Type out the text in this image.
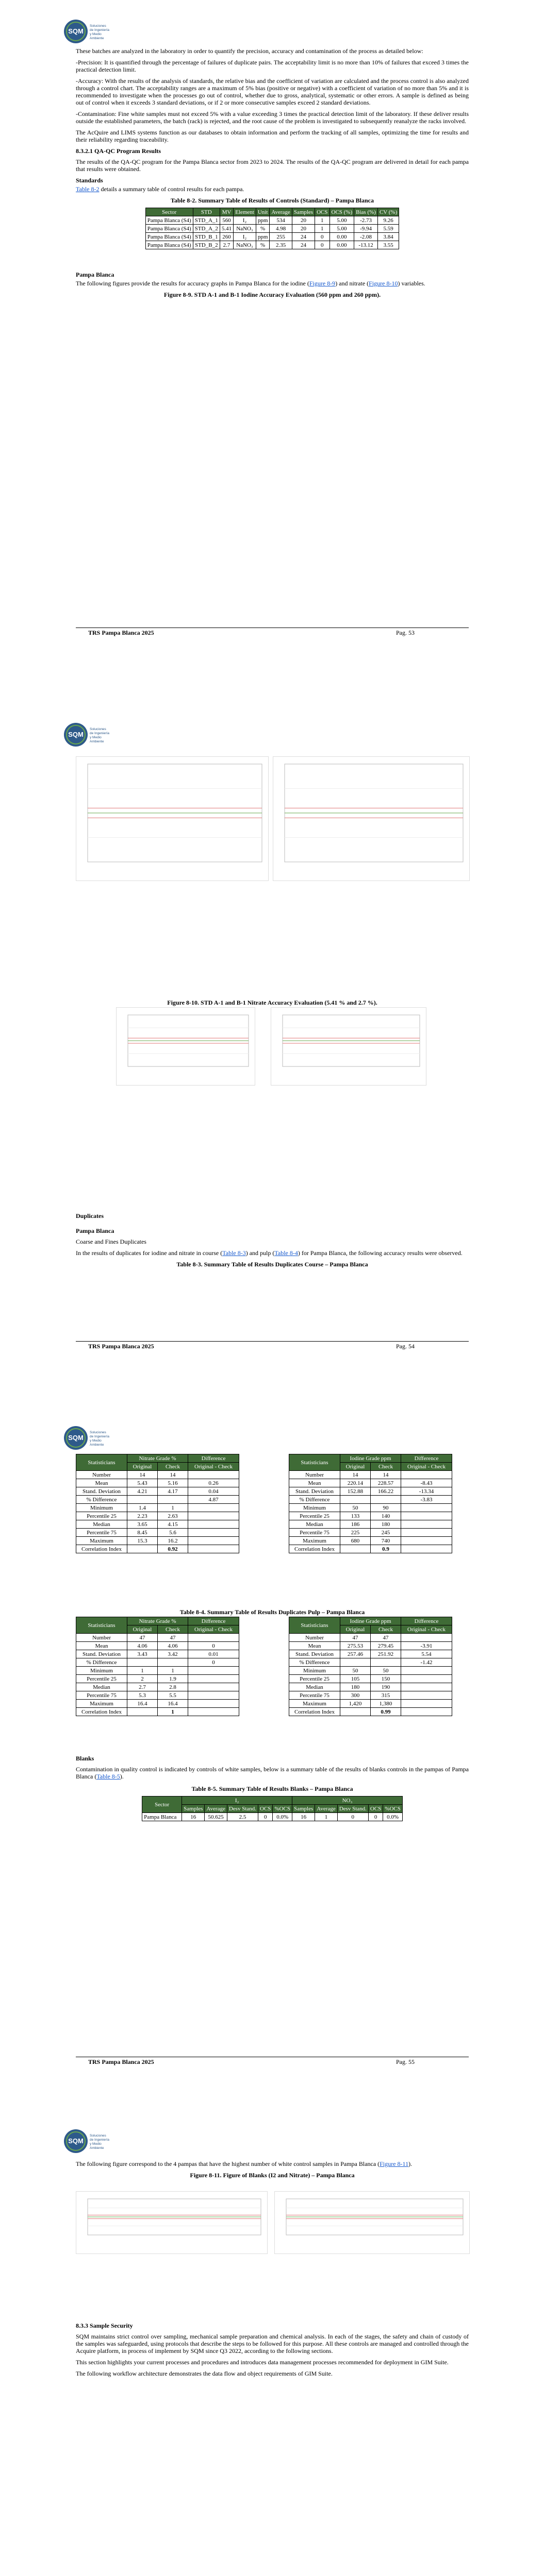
SQM
Soluciones de Ingeniería y Medio Ambiente

These batches are analyzed in the laboratory in order to quantify the precision, accuracy and contamination of the process as detailed below:

-Precision: It is quantified through the percentage of failures of duplicate pairs. The acceptability limit is no more than 10% of failures that exceed 3 times the practical detection limit.

-Accuracy: With the results of the analysis of standards, the relative bias and the coefficient of variation are calculated and the process control is also analyzed through a control chart. The acceptability ranges are a maximum of 5% bias (positive or negative) with a coefficient of variation of no more than 5% and it is recommended to investigate when the processes go out of control, whether due to gross, analytical, systematic or other errors. A sample is defined as being out of control when it exceeds 3 standard deviations, or if 2 or more consecutive samples exceed 2 standard deviations.

-Contamination: Fine white samples must not exceed 5% with a value exceeding 3 times the practical detection limit of the laboratory. If these deliver results outside the established parameters, the batch (rack) is rejected, and the root cause of the problem is investigated to subsequently reanalyze the racks involved.

The AcQuire and LIMS systems function as our databases to obtain information and perform the tracking of all samples, optimizing the time for results and their reliability regarding traceability.

8.3.2.1 QA-QC Program Results

The results of the QA-QC program for the Pampa Blanca sector from 2023 to 2024. The results of the QA-QC program are delivered in detail for each pampa that results were obtained.

Standards

Table 8-2 details a summary table of control results for each pampa.

Table 8-2. Summary Table of Results of Controls (Standard) – Pampa Blanca
Sector	STD	MV	Element	Unit	Average	Samples	OCS	OCS (%)	Bias (%)	CV (%)
Pampa Blanca (S4)	STD_A_1	560	I₂	ppm	534	20	1	5.00	-2.73	9.26
Pampa Blanca (S4)	STD_A_2	5.41	NaNO₃	%	4.98	20	1	5.00	-9.94	5.59
Pampa Blanca (S4)	STD_B_1	260	I₂	ppm	255	24	0	0.00	-2.08	3.84
Pampa Blanca (S4)	STD_B_2	2.7	NaNO₃	%	2.35	24	0	0.00	-13.12	3.55
Pampa Blanca

The following figures provide the results for accuracy graphs in Pampa Blanca for the iodine (Figure 8-9) and nitrate (Figure 8-10) variables.

Figure 8-9. STD A-1 and B-1 Iodine Accuracy Evaluation (560 ppm and 260 ppm).
TRS Pampa Blanca 2025	Pag. 53
SQM
Soluciones de Ingeniería y Medio Ambiente
Figure 8-10. STD A-1 and B-1 Nitrate Accuracy Evaluation (5.41 % and 2.7 %).
Duplicates
Pampa Blanca

Coarse and Fines Duplicates

In the results of duplicates for iodine and nitrate in course (Table 8-3) and pulp (Table 8-4) for Pampa Blanca, the following accuracy results were observed.

Table 8-3. Summary Table of Results Duplicates Course – Pampa Blanca
TRS Pampa Blanca 2025	Pag. 54
SQM
Soluciones de Ingeniería y Medio Ambiente
Statisticians	Nitrate Grade %		Difference
	Original	Check	Original - Check
Number	14	14	
Mean	5.43	5.16	0.26
Stand. Deviation	4.21	4.17	0.04
% Difference			4.87
Minimum	1.4	1	
Percentile 25	2.23	2.63	
Median	3.65	4.15	
Percentile 75	8.45	5.6	
Maximum	15.3	16.2	
Correlation Index		0.92	
Statisticians	Iodine Grade ppm		Difference
	Original	Check	Original - Check
Number	14	14	
Mean	220.14	228.57	-8.43
Stand. Deviation	152.88	166.22	-13.34
% Difference			-3.83
Minimum	50	90	
Percentile 25	133	140	
Median	186	180	
Percentile 75	225	245	
Maximum	680	740	
Correlation Index		0.9	
Table 8-4. Summary Table of Results Duplicates Pulp – Pampa Blanca
Statisticians	Nitrate Grade %		Difference
	Original	Check	Original - Check
Number	47	47	
Mean	4.06	4.06	0
Stand. Deviation	3.43	3.42	0.01
% Difference			0
Minimum	1	1	
Percentile 25	2	1.9	
Median	2.7	2.8	
Percentile 75	5.3	5.5	
Maximum	16.4	16.4	
Correlation Index		1	
Statisticians	Iodine Grade ppm		Difference
	Original	Check	Original - Check
Number	47	47	
Mean	275.53	279.45	-3.91
Stand. Deviation	257.46	251.92	5.54
% Difference			-1.42
Minimum	50	50	
Percentile 25	105	150	
Median	180	190	
Percentile 75	300	315	
Maximum	1,420	1,380	
Correlation Index		0.99	
Blanks

Contamination in quality control is indicated by controls of white samples, below is a summary table of the results of blanks controls in the pampas of Pampa Blanca (Table 8-5).

Table 8-5. Summary Table of Results Blanks – Pampa Blanca
Sector	I₂					NO₃				
	Samples	Average	Desv Stand.	OCS	%OCS	Samples	Average	Desv Stand.	OCS	%OCS
Pampa Blanca	16	50.625	2.5	0	0.0%	16	1	0	0	0.0%
TRS Pampa Blanca 2025	Pag. 55
SQM
Soluciones de Ingeniería y Medio Ambiente

The following figure correspond to the 4 pampas that have the highest number of white control samples in Pampa Blanca (Figure 8-11).

Figure 8-11. Figure of Blanks (I2 and Nitrate) – Pampa Blanca
8.3.3 Sample Security

SQM maintains strict control over sampling, mechanical sample preparation and chemical analysis. In each of the stages, the safety and chain of custody of the samples was safeguarded, using protocols that describe the steps to be followed for this purpose. All these controls are managed and controlled through the Acquire platform, in process of implement by SQM since Q3 2022, according to the following sections.

This section highlights your current processes and procedures and introduces data management processes recommended for deployment in GIM Suite.

The following workflow architecture demonstrates the data flow and object requirements of GIM Suite.
